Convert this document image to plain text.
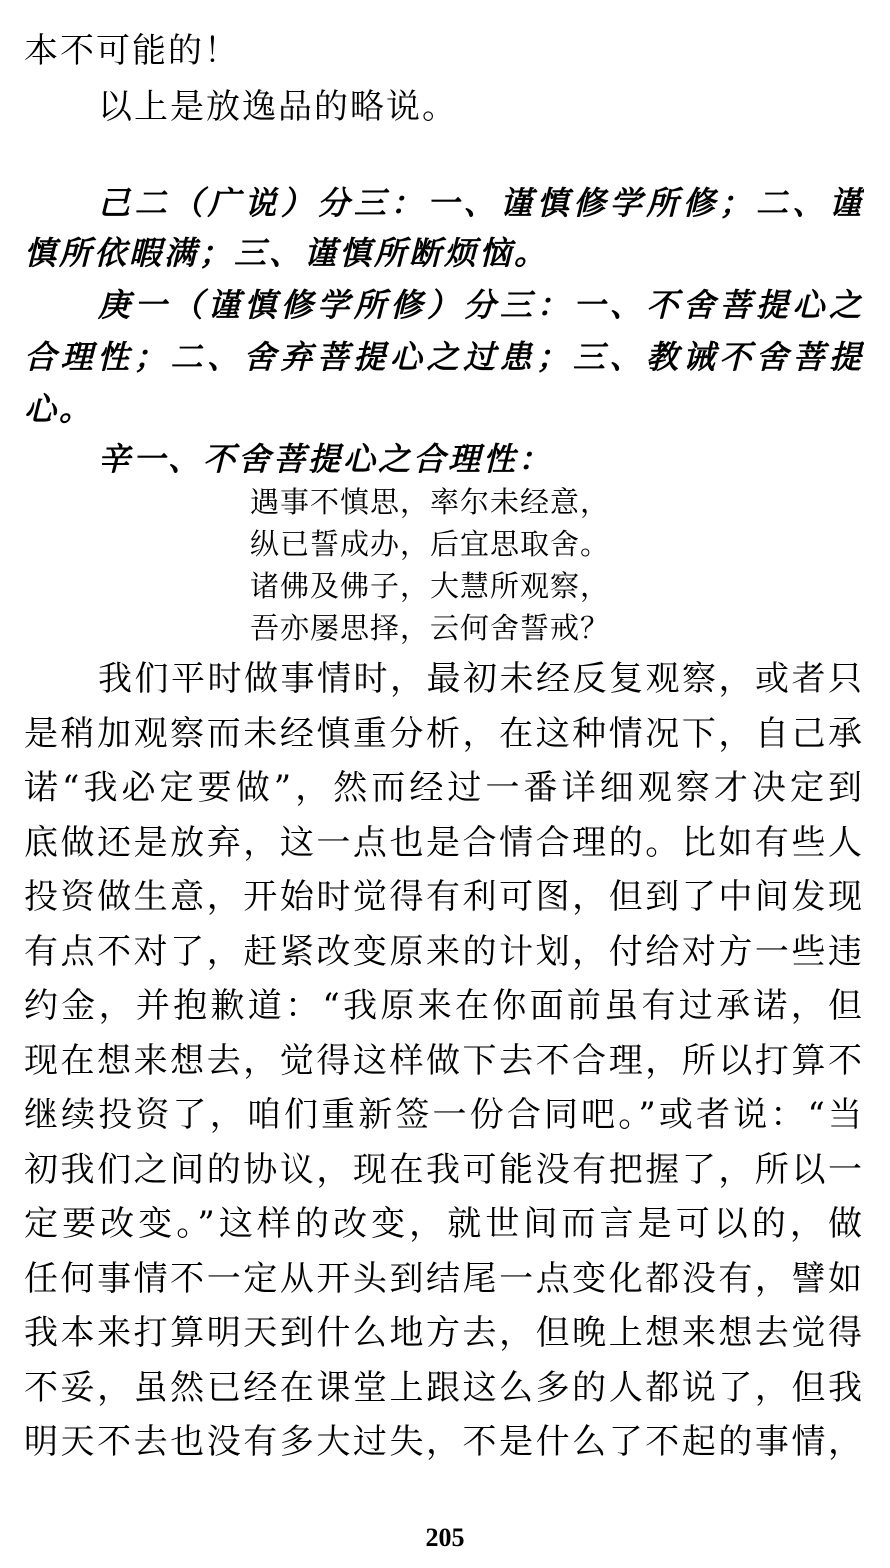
本不可能的！
以上是放逸品的略说。
己二（广说）分三：一、谨慎修学所修；二、谨
慎所依暇满；三、谨慎所断烦恼。
庚一（谨慎修学所修）分三：一、不舍菩提心之
合理性；二、舍弃菩提心之过患；三、教诫不舍菩提
心。
辛一、不舍菩提心之合理性：
遇事不慎思，率尔未经意，
纵已誓成办，后宜思取舍。
诸佛及佛子，大慧所观察，
吾亦屡思择，云何舍誓戒？
我们平时做事情时，最初未经反复观察，或者只
是稍加观察而未经慎重分析，在这种情况下，自己承
诺“我必定要做”，然而经过一番详细观察才决定到
底做还是放弃，这一点也是合情合理的。比如有些人
投资做生意，开始时觉得有利可图，但到了中间发现
有点不对了，赶紧改变原来的计划，付给对方一些违
约金，并抱歉道：“我原来在你面前虽有过承诺，但
现在想来想去，觉得这样做下去不合理，所以打算不
继续投资了，咱们重新签一份合同吧。”或者说：“当
初我们之间的协议，现在我可能没有把握了，所以一
定要改变。”这样的改变，就世间而言是可以的，做
任何事情不一定从开头到结尾一点变化都没有，譬如
我本来打算明天到什么地方去，但晚上想来想去觉得
不妥，虽然已经在课堂上跟这么多的人都说了，但我
明天不去也没有多大过失，不是什么了不起的事情，
205
